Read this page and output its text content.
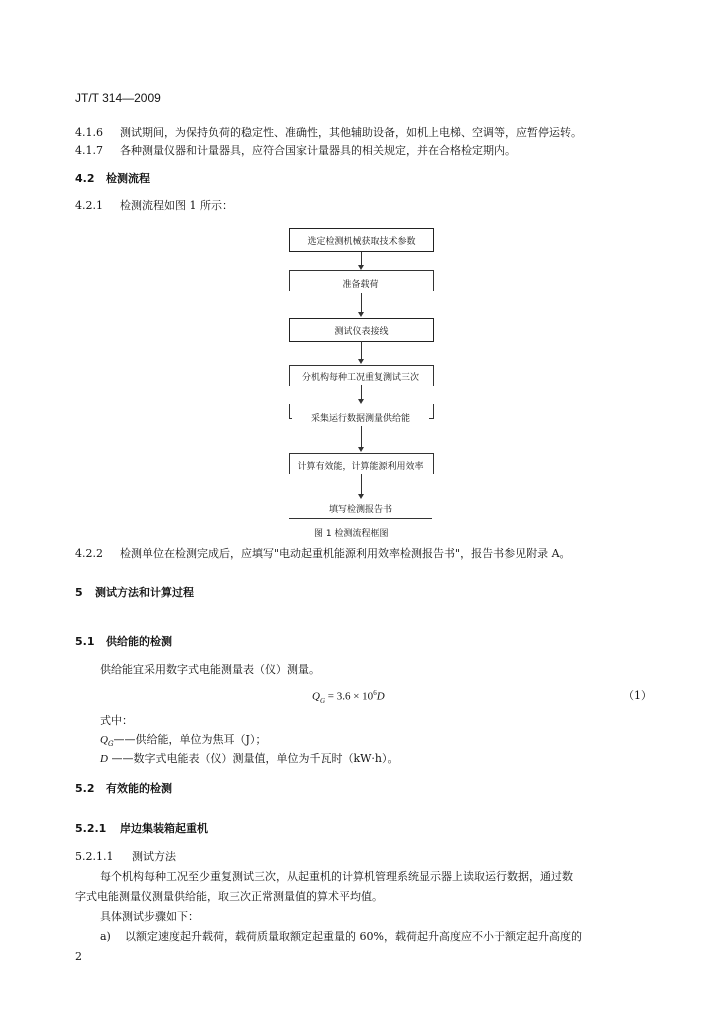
JT/T 314—2009
4.1.6 测试期间，为保持负荷的稳定性、准确性，其他辅助设备，如机上电梯、空调等，应暂停运转。
4.1.7 各种测量仪器和计量器具，应符合国家计量器具的相关规定，并在合格检定期内。
4.2 检测流程
4.2.1 检测流程如图 1 所示：
选定检测机械获取技术参数
准备载荷
测试仪表接线
分机构每种工况重复测试三次
采集运行数据测量供给能
计算有效能，计算能源利用效率
填写检测报告书
图 1 检测流程框图
4.2.2 检测单位在检测完成后，应填写"电动起重机能源利用效率检测报告书"，报告书参见附录 A。
5 测试方法和计算过程
5.1 供给能的检测
供给能宜采用数字式电能测量表（仪）测量。
$Q_G = 3.6 \times 10^6D$	（1）
式中：
$Q_G——$供给能，单位为焦耳（J）；
D ——数字式电能表（仪）测量值，单位为千瓦时（kW·h）。
5.2 有效能的检测
5.2.1 岸边集装箱起重机
5.2.1.1 测试方法
每个机构每种工况至少重复测试三次，从起重机的计算机管理系统显示器上读取运行数据，通过数
字式电能测量仪测量供给能，取三次正常测量值的算术平均值。
具体测试步骤如下：
a) 以额定速度起升载荷，载荷质量取额定起重量的 60%，载荷起升高度应不小于额定起升高度的
2
